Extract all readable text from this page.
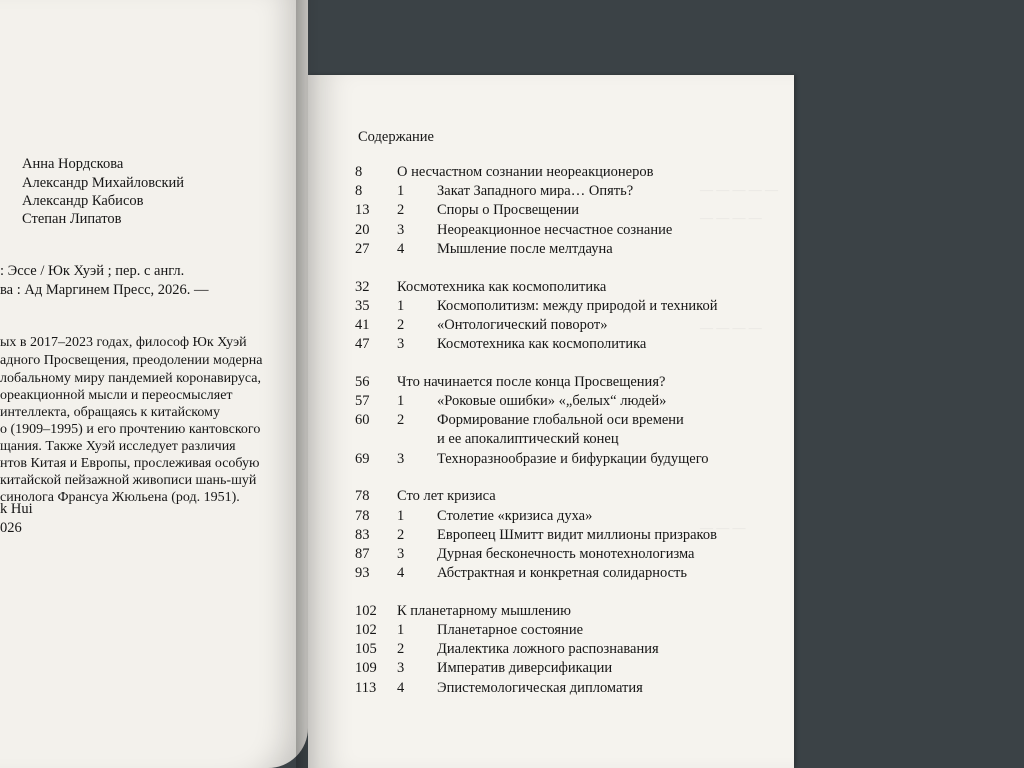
Анна Нордскова
Александр Михайловский
Александр Кабисов
Степан Липатов
: Эссе / Юк Хуэй ; пер. с англ.
ва : Ад Маргинем Пресс, 2026. —
ых в 2017–2023 годах, философ Юк Хуэй
адного Просвещения, преодолении модерна
лобальному миру пандемией коронавируса,
ореакционной мысли и переосмысляет
интеллекта, обращаясь к китайскому
о (1909–1995) и его прочтению кантовского
щания. Также Хуэй исследует различия
нтов Китая и Европы, прослеживая особую
китайской пейзажной живописи шань-шуй
синолога Франсуа Жюльена (род. 1951).
k Hui
026
— — — — —
— — — —
— — — —
— — —
Содержание
8 О несчастном сознании неореакционеров
8 1 Закат Западного мира… Опять?
13 2 Споры о Просвещении
20 3 Неореакционное несчастное сознание
27 4 Мышление после мелтдауна
32 Космотехника как космополитика
35 1 Космополитизм: между природой и техникой
41 2 «Онтологический поворот»
47 3 Космотехника как космополитика
56 Что начинается после конца Просвещения?
57 1 «Роковые ошибки» «„белых“ людей»
60 2 Формирование глобальной оси времени
и ее апокалиптический конец
69 3 Технοразнообразие и бифуркации будущего
78 Сто лет кризиса
78 1 Столетие «кризиса духа»
83 2 Европеец Шмитт видит миллионы призраков
87 3 Дурная бесконечность монотехнологизма
93 4 Абстрактная и конкретная солидарность
102 К планетарному мышлению
102 1 Планетарное состояние
105 2 Диалектика ложного распознавания
109 3 Императив диверсификации
113 4 Эпистемологическая дипломатия
